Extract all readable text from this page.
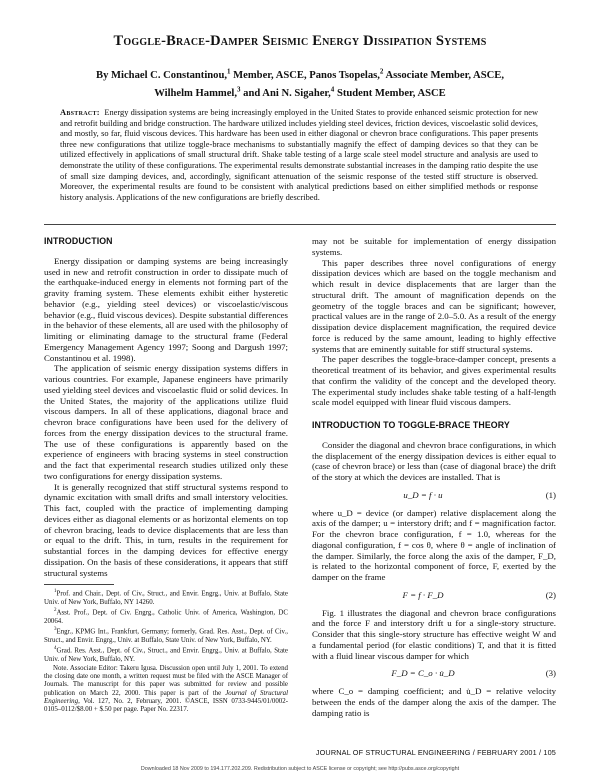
Toggle-Brace-Damper Seismic Energy Dissipation Systems
By Michael C. Constantinou,$^1$ Member, ASCE, Panos Tsopelas,$^2$ Associate Member, ASCE,
Wilhelm Hammel,$^3$ and Ani N. Sigaher,$^4$ Student Member, ASCE
Abstract: Energy dissipation systems are being increasingly employed in the United States to provide enhanced seismic protection for new and retrofit building and bridge construction. The hardware utilized includes yielding steel devices, friction devices, viscoelastic solid devices, and mostly, so far, fluid viscous devices. This hardware has been used in either diagonal or chevron brace configurations. This paper presents three new configurations that utilize toggle-brace mechanisms to substantially magnify the effect of damping devices so that they can be utilized effectively in applications of small structural drift. Shake table testing of a large scale steel model structure and analysis are used to demonstrate the utility of these configurations. The experimental results demonstrate substantial increases in the damping ratio despite the use of small size damping devices, and, accordingly, significant attenuation of the seismic response of the tested stiff structure is observed. Moreover, the experimental results are found to be consistent with analytical predictions based on either simplified methods or response history analysis. Applications of the new configurations are briefly described.
INTRODUCTION

Energy dissipation or damping systems are being increasingly used in new and retrofit construction in order to dissipate much of the earthquake-induced energy in elements not forming part of the gravity framing system. These elements exhibit either hysteretic behavior (e.g., yielding steel devices) or viscoelastic/viscous behavior (e.g., fluid viscous devices). Despite substantial differences in the behavior of these elements, all are used with the philosophy of limiting or eliminating damage to the structural frame (Federal Emergency Management Agency 1997; Soong and Dargush 1997; Constantinou et al. 1998).

The application of seismic energy dissipation systems differs in various countries. For example, Japanese engineers have primarily used yielding steel devices and viscoelastic fluid or solid devices. In the United States, the majority of the applications utilize fluid viscous dampers. In all of these applications, diagonal brace and chevron brace configurations have been used for the delivery of forces from the energy dissipation devices to the structural frame. The use of these configurations is apparently based on the experience of engineers with bracing systems in steel construction and the fact that experimental research studies utilized only these two configurations for energy dissipation systems.

It is generally recognized that stiff structural systems respond to dynamic excitation with small drifts and small interstory velocities. This fact, coupled with the practice of implementing damping devices either as diagonal elements or as horizontal elements on top of chevron bracing, leads to device displacements that are less than or equal to the drift. This, in turn, results in the requirement for substantial forces in the damping devices for effective energy dissipation. On the basis of these considerations, it appears that stiff structural systems

$^1$Prof. and Chair., Dept. of Civ., Struct., and Envir. Engrg., Univ. at Buffalo, State Univ. of New York, Buffalo, NY 14260.

$^2$Asst. Prof., Dept. of Civ. Engrg., Catholic Univ. of America, Washington, DC 20064.

$^3$Engr., KPMG Int., Frankfurt, Germany; formerly, Grad. Res. Asst., Dept. of Civ., Struct., and Envir. Engrg., Univ. at Buffalo, State Univ. of New York, Buffalo, NY.

$^4$Grad. Res. Asst., Dept. of Civ., Struct., and Envir. Engrg., Univ. at Buffalo, State Univ. of New York, Buffalo, NY.

Note. Associate Editor: Takeru Igusa. Discussion open until July 1, 2001. To extend the closing date one month, a written request must be filed with the ASCE Manager of Journals. The manuscript for this paper was submitted for review and possible publication on March 22, 2000. This paper is part of the Journal of Structural Engineering, Vol. 127, No. 2, February, 2001. ©ASCE, ISSN 0733-9445/01/0002-0105–0112/$8.00 + $.50 per page. Paper No. 22317.

may not be suitable for implementation of energy dissipation systems.

This paper describes three novel configurations of energy dissipation devices which are based on the toggle mechanism and which result in device displacements that are larger than the structural drift. The amount of magnification depends on the geometry of the toggle braces and can be significant; however, practical values are in the range of 2.0–5.0. As a result of the energy dissipation device displacement magnification, the required device force is reduced by the same amount, leading to highly effective systems that are eminently suitable for stiff structural systems.

The paper describes the toggle-brace-damper concept, presents a theoretical treatment of its behavior, and gives experimental results that confirm the validity of the concept and the developed theory. The experimental study includes shake table testing of a half-length scale model equipped with linear fluid viscous dampers.

INTRODUCTION TO TOGGLE-BRACE THEORY

Consider the diagonal and chevron brace configurations, in which the displacement of the energy dissipation devices is either equal to (case of chevron brace) or less than (case of diagonal brace) the drift of the story at which the devices are installed. That is

u_D = f · u	(1)

where u_D = device (or damper) relative displacement along the axis of the damper; u = interstory drift; and f = magnification factor. For the chevron brace configuration, f = 1.0, whereas for the diagonal configuration, f = cos θ, where θ = angle of inclination of the damper. Similarly, the force along the axis of the damper, F_D, is related to the horizontal component of force, F, exerted by the damper on the frame

F = f · F_D	(2)

Fig. 1 illustrates the diagonal and chevron brace configurations and the force F and interstory drift u for a single-story structure. Consider that this single-story structure has effective weight W and a fundamental period (for elastic conditions) T, and that it is fitted with a fluid linear viscous damper for which

F_D = C_o · u̇_D	(3)

where C_o = damping coefficient; and u̇_D = relative velocity between the ends of the damper along the axis of the damper. The damping ratio is

JOURNAL OF STRUCTURAL ENGINEERING / FEBRUARY 2001 / 105
Downloaded 18 Nov 2009 to 194.177.202.209. Redistribution subject to ASCE license or copyright; see http://pubs.asce.org/copyright
